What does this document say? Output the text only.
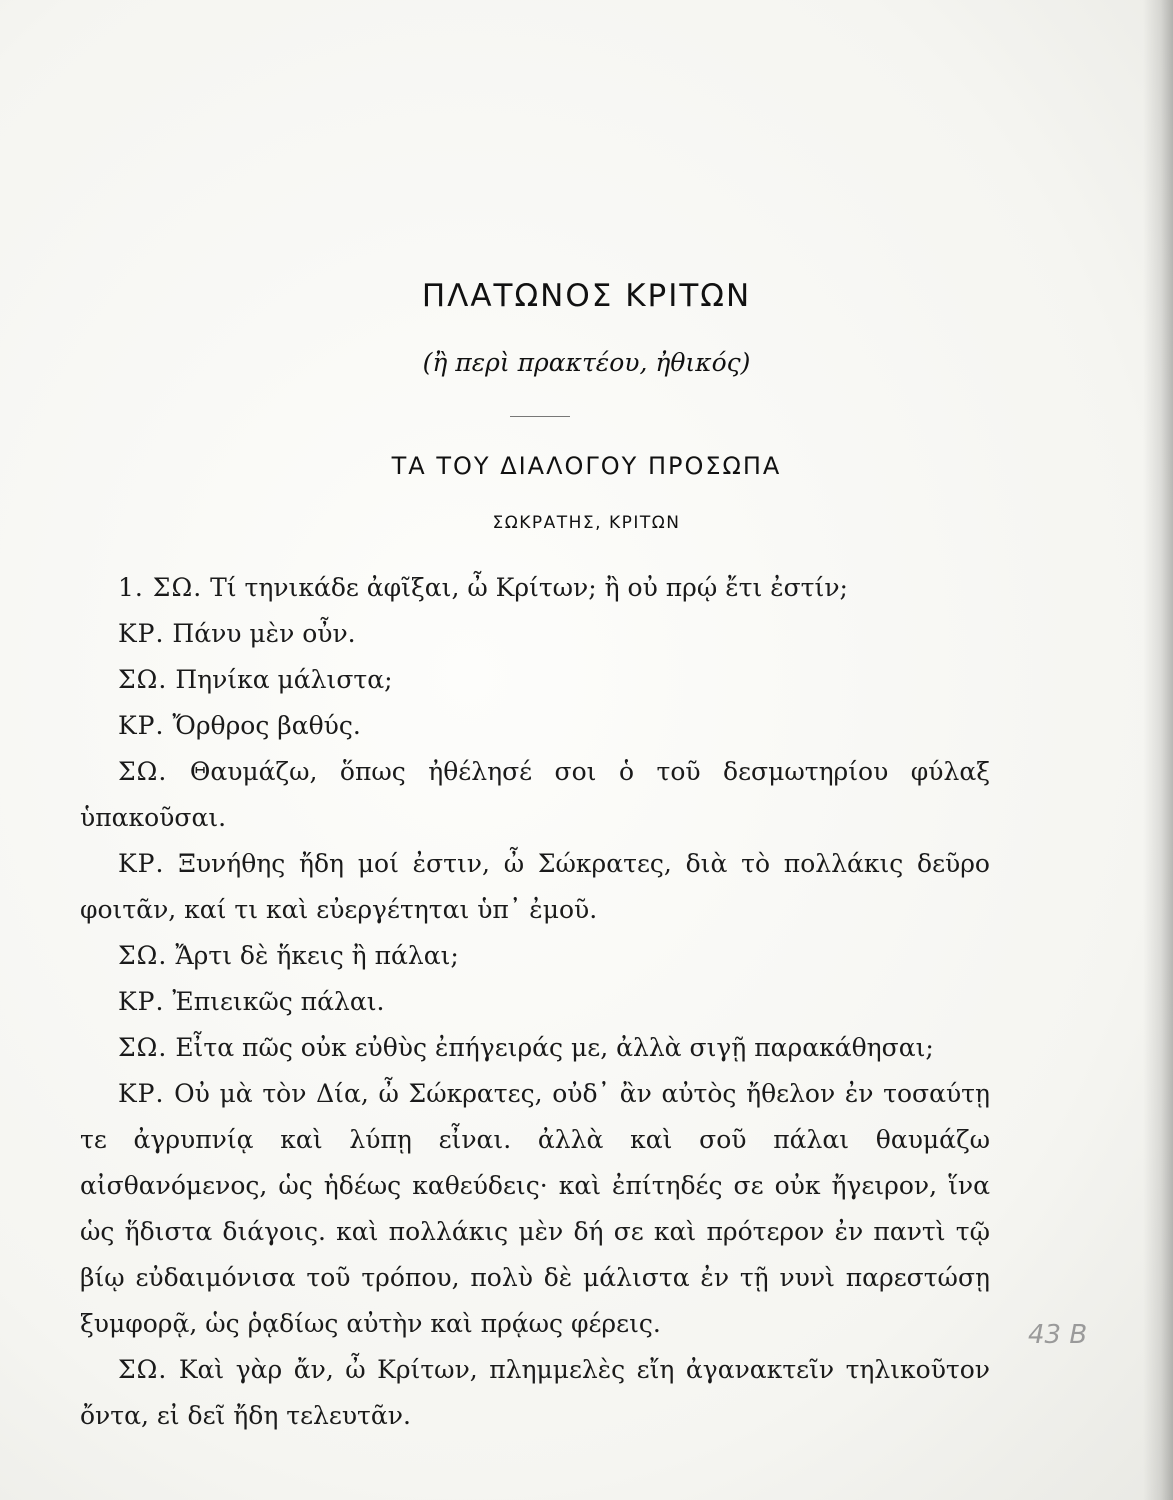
ΠΛΑΤΩΝΟΣ ΚΡΙΤΩΝ
(ἢ περὶ πρακτέου, ἠθικός)
ΤΑ ΤΟΥ ΔΙΑΛΟΓΟΥ ΠΡΟΣΩΠΑ
ΣΩΚΡΑΤΗΣ, ΚΡΙΤΩΝ

1. ΣΩ. Τί τηνικάδε ἀφῖξαι, ὦ Κρίτων; ἢ οὐ πρῴ ἔτι ἐστίν;

ΚΡ. Πάνυ μὲν οὖν.

ΣΩ. Πηνίκα μάλιστα;

ΚΡ. Ὄρθρος βαθύς.

ΣΩ. Θαυμάζω, ὅπως ἠθέλησέ σοι ὁ τοῦ δεσμωτηρίου φύλαξ ὑπακοῦσαι.

ΚΡ. Ξυνήθης ἤδη μοί ἐστιν, ὦ Σώκρατες, διὰ τὸ πολλάκις δεῦρο φοιτᾶν, καί τι καὶ εὐεργέτηται ὑπ᾽ ἐμοῦ.

ΣΩ. Ἄρτι δὲ ἥκεις ἢ πάλαι;

ΚΡ. Ἐπιεικῶς πάλαι.

ΣΩ. Εἶτα πῶς οὐκ εὐθὺς ἐπήγειράς με, ἀλλὰ σιγῇ παρακάθησαι;

ΚΡ. Οὐ μὰ τὸν Δία, ὦ Σώκρατες, οὐδ᾽ ἂν αὐτὸς ἤθελον ἐν τοσαύτῃ τε ἀγρυπνίᾳ καὶ λύπῃ εἶναι. ἀλλὰ καὶ σοῦ πάλαι θαυμάζω αἰσθανόμενος, ὡς ἡδέως καθεύδεις· καὶ ἐπίτηδές σε οὐκ ἤγειρον, ἵνα ὡς ἥδιστα διάγοις. καὶ πολλάκις μὲν δή σε καὶ πρότερον ἐν παντὶ τῷ βίῳ εὐδαιμόνισα τοῦ τρόπου, πολὺ δὲ μάλιστα ἐν τῇ νυνὶ παρεστώσῃ ξυμφορᾷ, ὡς ῥᾳδίως αὐτὴν καὶ πρᾴως φέρεις.

ΣΩ. Καὶ γὰρ ἄν, ὦ Κρίτων, πλημμελὲς εἴη ἀγανακτεῖν τηλικοῦτον ὄντα, εἰ δεῖ ἤδη τελευτᾶν.

43 B
